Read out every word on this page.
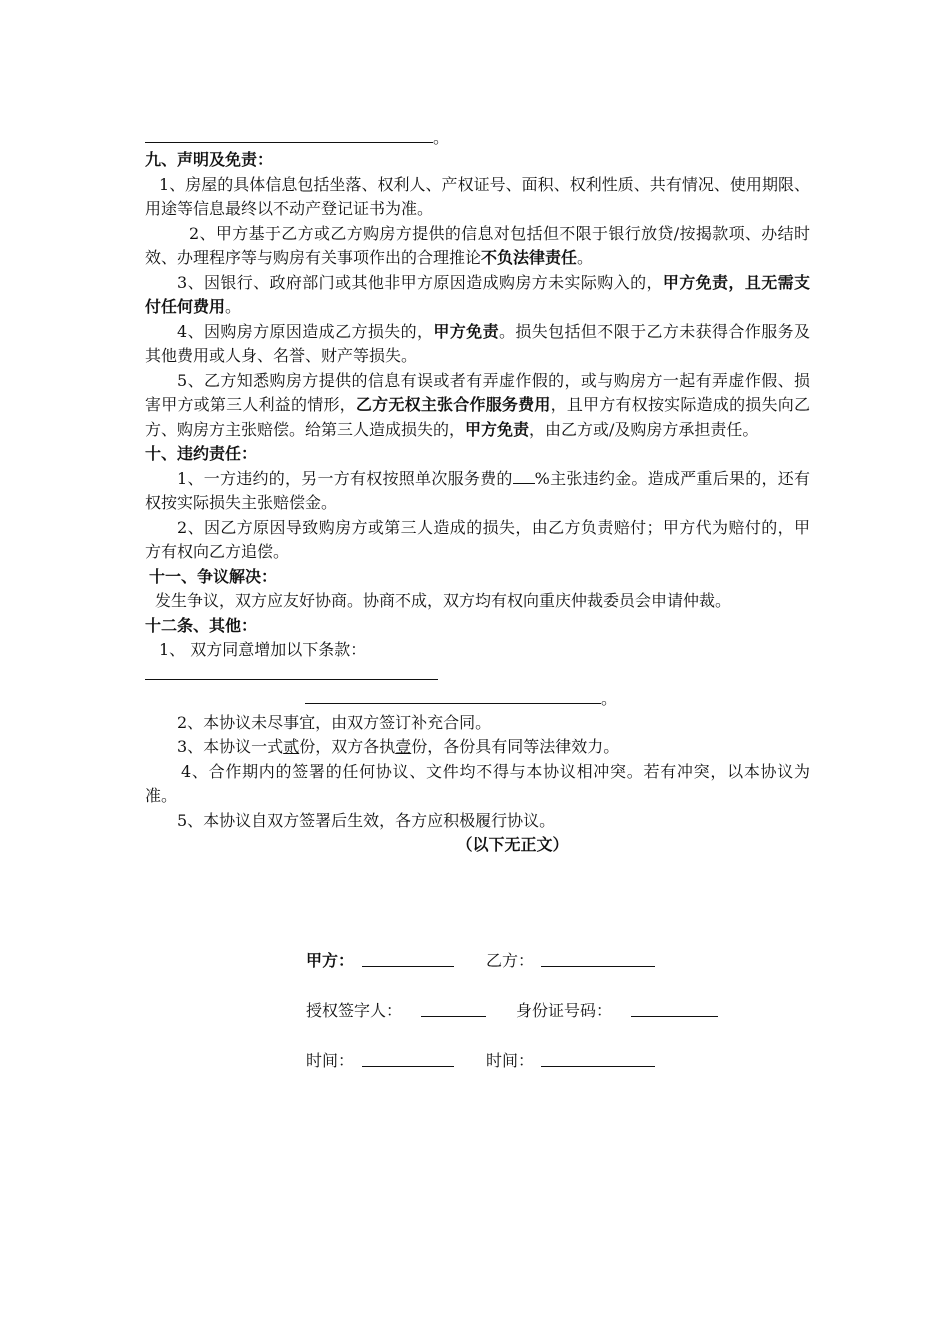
。

九、声明及免责：

1、房屋的具体信息包括坐落、权利人、产权证号、面积、权利性质、共有情况、使用期限、用途等信息最终以不动产登记证书为准。

2、甲方基于乙方或乙方购房方提供的信息对包括但不限于银行放贷/按揭款项、办结时效、办理程序等与购房有关事项作出的合理推论不负法律责任。

3、因银行、政府部门或其他非甲方原因造成购房方未实际购入的，甲方免责，且无需支付任何费用。

4、因购房方原因造成乙方损失的，甲方免责。损失包括但不限于乙方未获得合作服务及其他费用或人身、名誉、财产等损失。

5、乙方知悉购房方提供的信息有误或者有弄虚作假的，或与购房方一起有弄虚作假、损害甲方或第三人利益的情形，乙方无权主张合作服务费用，且甲方有权按实际造成的损失向乙方、购房方主张赔偿。给第三人造成损失的，甲方免责，由乙方或/及购房方承担责任。

十、违约责任：

1、一方违约的，另一方有权按照单次服务费的 %主张违约金。造成严重后果的，还有权按实际损失主张赔偿金。

2、因乙方原因导致购房方或第三人造成的损失，由乙方负责赔付；甲方代为赔付的，甲方有权向乙方追偿。

十一、争议解决：

发生争议，双方应友好协商。协商不成，双方均有权向重庆仲裁委员会申请仲裁。

十二条、其他：

1、 双方同意增加以下条款：

。

2、本协议未尽事宜，由双方签订补充合同。

3、本协议一式贰份，双方各执壹份，各份具有同等法律效力。

4、合作期内的签署的任何协议、文件均不得与本协议相冲突。若有冲突，以本协议为准。

5、本协议自双方签署后生效，各方应积极履行协议。

（以下无正文）

甲方：	乙方：
授权签字人：	身份证号码：
时间：	时间：
